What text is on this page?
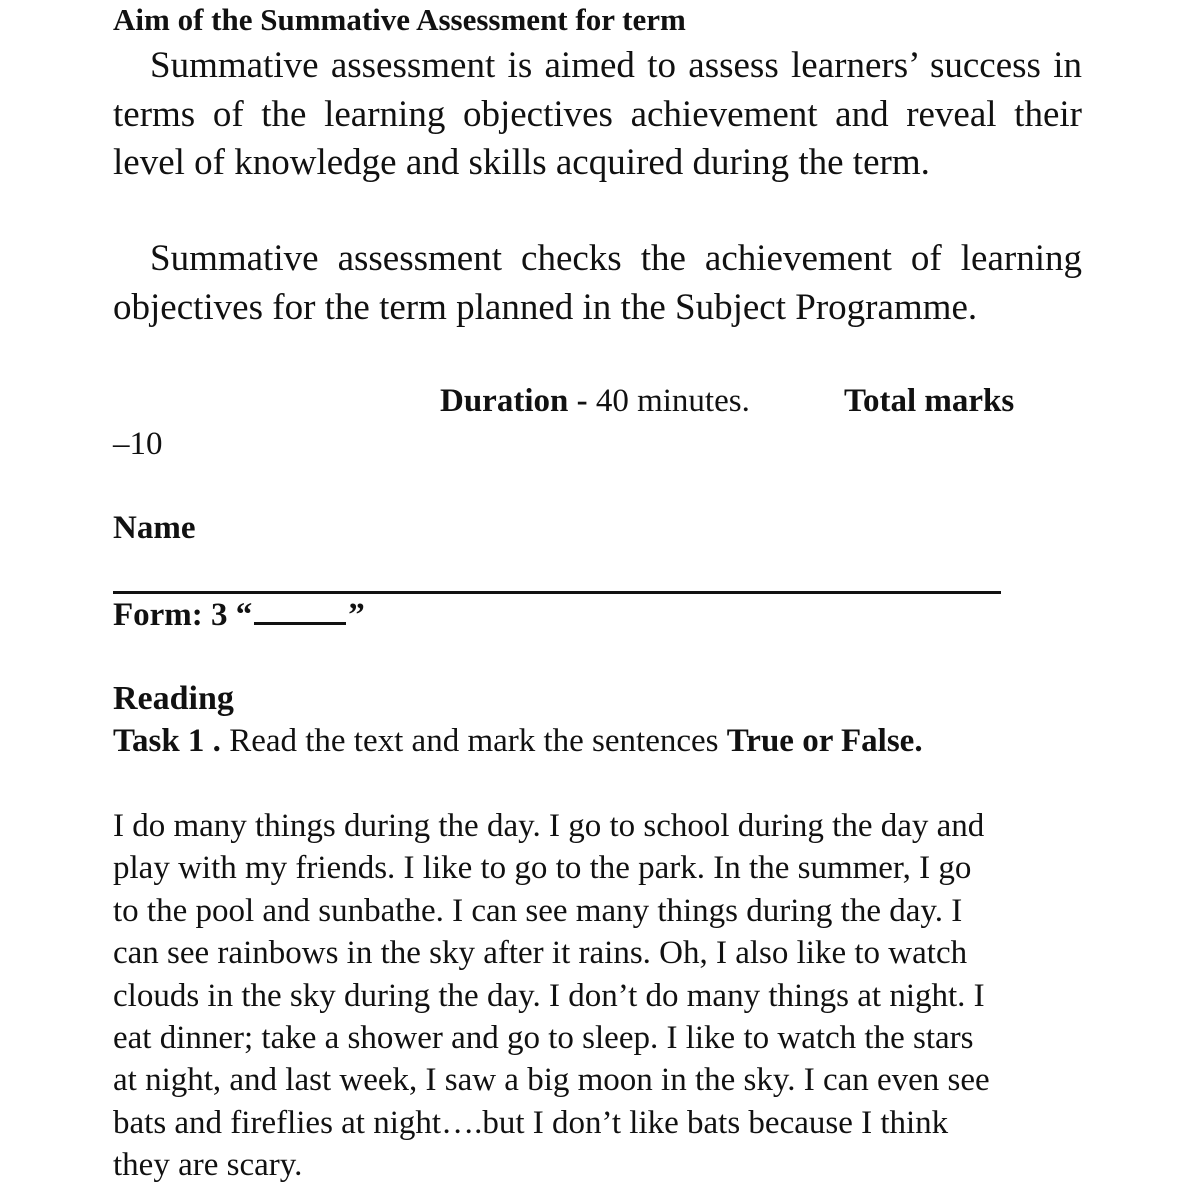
Aim of the Summative Assessment for term
Summative assessment is aimed to assess learners’ success in terms of the learning objectives achievement and reveal their level of knowledge and skills acquired during the term.
Summative assessment checks the achievement of learning objectives for the term planned in the Subject Programme.
Duration - 40 minutes.	Total marks
–10
Name
Form: 3 “	”
Reading
Task 1 . Read the text and mark the sentences True or False.
I do many things during the day. I go to school during the day and
play with my friends. I like to go to the park. In the summer, I go
to the pool and sunbathe. I can see many things during the day. I
can see rainbows in the sky after it rains. Oh, I also like to watch
clouds in the sky during the day. I don’t do many things at night. I
eat dinner; take a shower and go to sleep. I like to watch the stars
at night, and last week, I saw a big moon in the sky. I can even see
bats and fireflies at night….but I don’t like bats because I think
they are scary.
